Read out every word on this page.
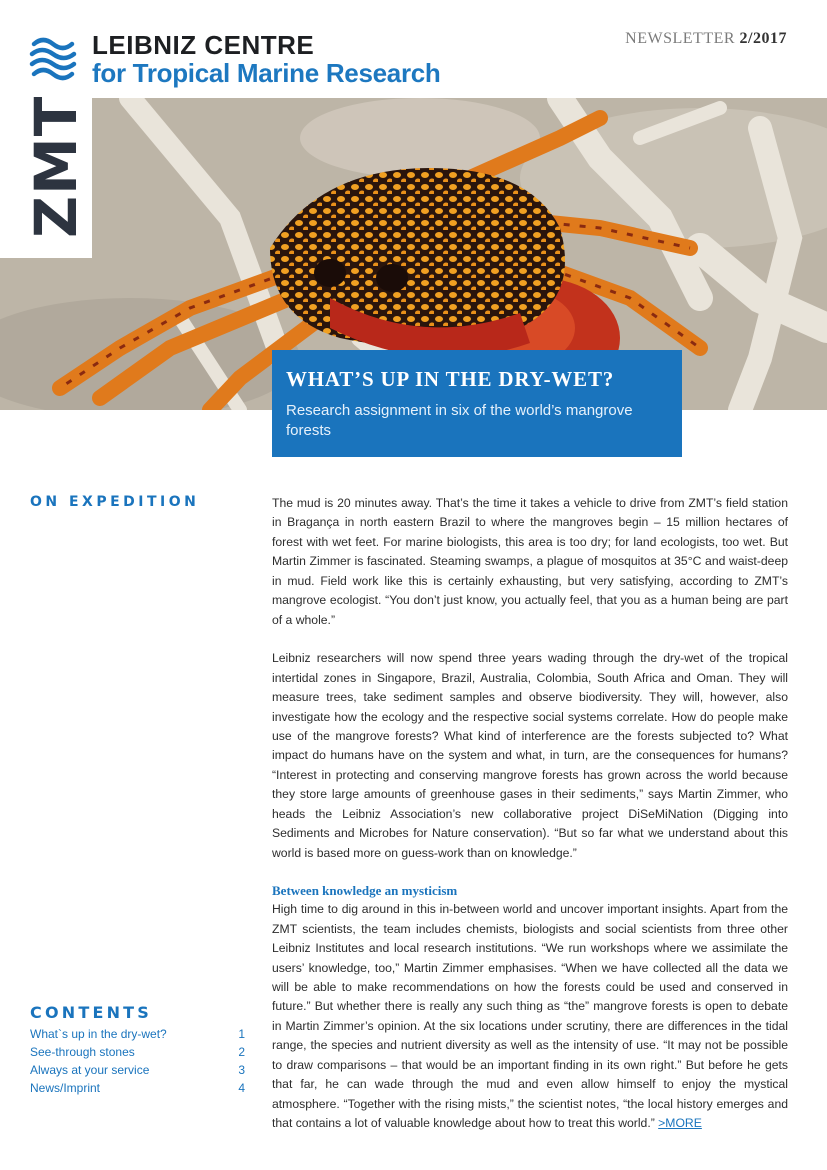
ZMT
LEIBNIZ CENTRE
for Tropical Marine Research
NEWSLETTER 2/2017
WHAT’S UP IN THE DRY-WET?

Research assignment in six of the world’s mangrove forests

ON EXPEDITION
CONTENTS
What`s up in the dry-wet?	1
See-through stones	2
Always at your service	3
News/Imprint	4

The mud is 20 minutes away. That’s the time it takes a vehicle to drive from ZMT’s field station in Bragança in north eastern Brazil to where the mangroves begin – 15 million hectares of forest with wet feet. For marine biologists, this area is too dry; for land ecologists, too wet. But Martin Zimmer is fascinated. Steaming swamps, a plague of mosquitos at 35°C and waist-deep in mud. Field work like this is certainly exhausting, but very satisfying, according to ZMT’s mangrove ecologist. “You don’t just know, you actually feel, that you as a human being are part of a whole.”

Leibniz researchers will now spend three years wading through the dry-wet of the tropical intertidal zones in Singapore, Brazil, Australia, Colombia, South Africa and Oman. They will measure trees, take sediment samples and observe biodiversity. They will, however, also investigate how the ecology and the respective social systems correlate. How do people make use of the mangrove forests? What kind of interference are the forests subjected to? What impact do humans have on the system and what, in turn, are the consequences for humans? “Interest in protecting and conserving mangrove forests has grown across the world because they store large amounts of greenhouse gases in their sediments,” says Martin Zimmer, who heads the Leibniz Association’s new collaborative project DiSeMiNation (Digging into Sediments and Microbes for Nature conservation). “But so far what we understand about this world is based more on guess-work than on knowledge.”

Between knowledge an mysticism

High time to dig around in this in-between world and uncover important insights. Apart from the ZMT scientists, the team includes chemists, biologists and social scientists from three other Leibniz Institutes and local research institutions. “We run workshops where we assimilate the users’ knowledge, too,” Martin Zimmer emphasises. “When we have collected all the data we will be able to make recommendations on how the forests could be used and conserved in future.” But whether there is really any such thing as “the” mangrove forests is open to debate in Martin Zimmer’s opinion. At the six locations under scrutiny, there are differences in the tidal range, the species and nutrient diversity as well as the intensity of use. “It may not be possible to draw comparisons – that would be an important finding in its own right.” But before he gets that far, he can wade through the mud and even allow himself to enjoy the mystical atmosphere. “Together with the rising mists,” the scientist notes, “the local history emerges and that contains a lot of valuable knowledge about how to treat this world.” >MORE
